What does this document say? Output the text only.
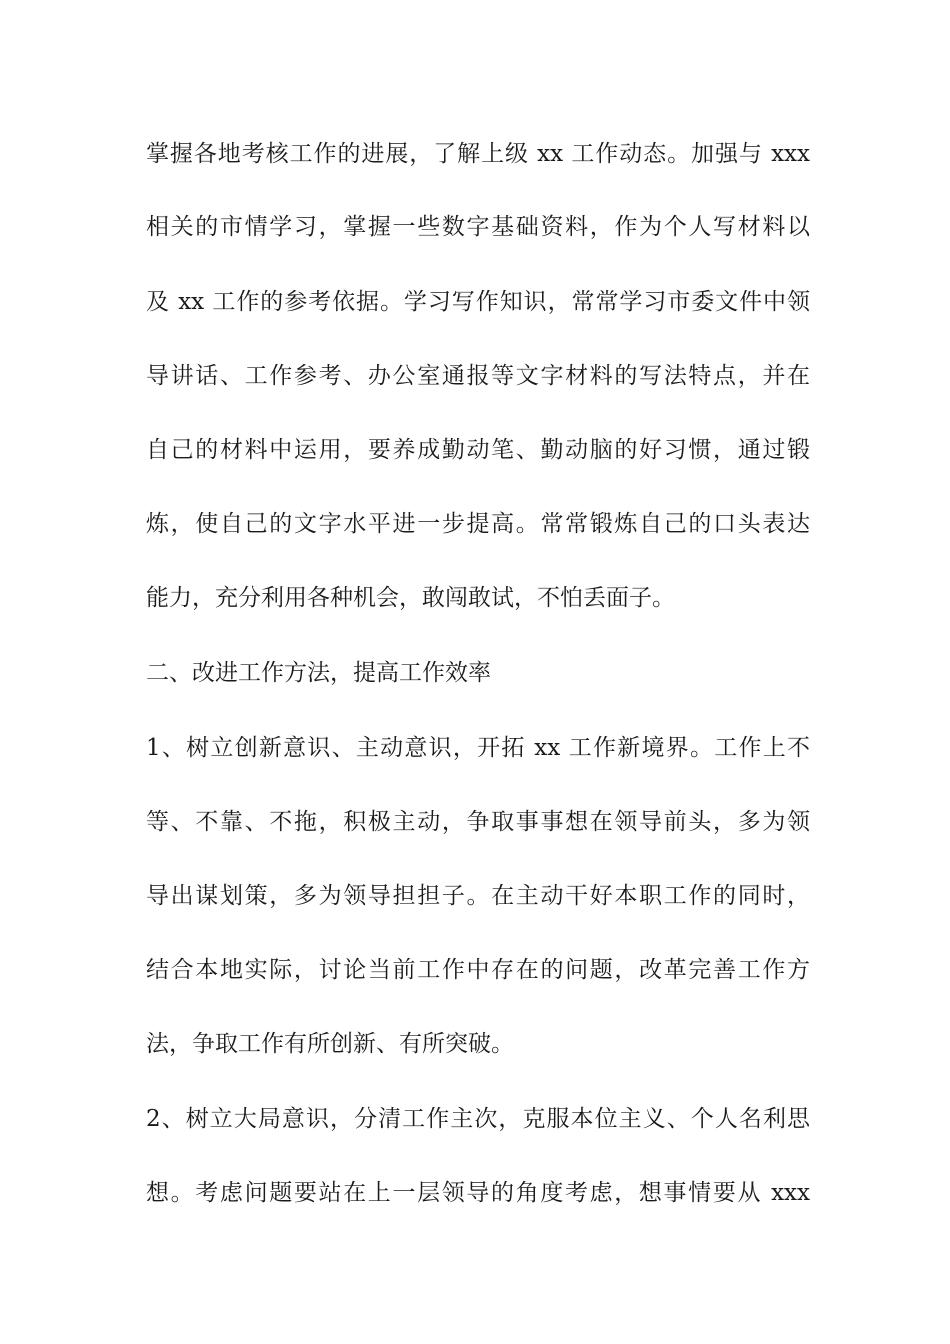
掌握各地考核工作的进展，了解上级 xx 工作动态。加强与 xxx
相关的市情学习，掌握一些数字基础资料，作为个人写材料以
及 xx 工作的参考依据。学习写作知识，常常学习市委文件中领
导讲话、工作参考、办公室通报等文字材料的写法特点，并在
自己的材料中运用，要养成勤动笔、勤动脑的好习惯，通过锻
炼，使自己的文字水平进一步提高。常常锻炼自己的口头表达
能力，充分利用各种机会，敢闯敢试，不怕丢面子。
二、改进工作方法，提高工作效率
1、树立创新意识、主动意识，开拓 xx 工作新境界。工作上不
等、不靠、不拖，积极主动，争取事事想在领导前头，多为领
导出谋划策，多为领导担担子。在主动干好本职工作的同时，
结合本地实际，讨论当前工作中存在的问题，改革完善工作方
法，争取工作有所创新、有所突破。
2、树立大局意识，分清工作主次，克服本位主义、个人名利思
想。考虑问题要站在上一层领导的角度考虑，想事情要从 xxx
